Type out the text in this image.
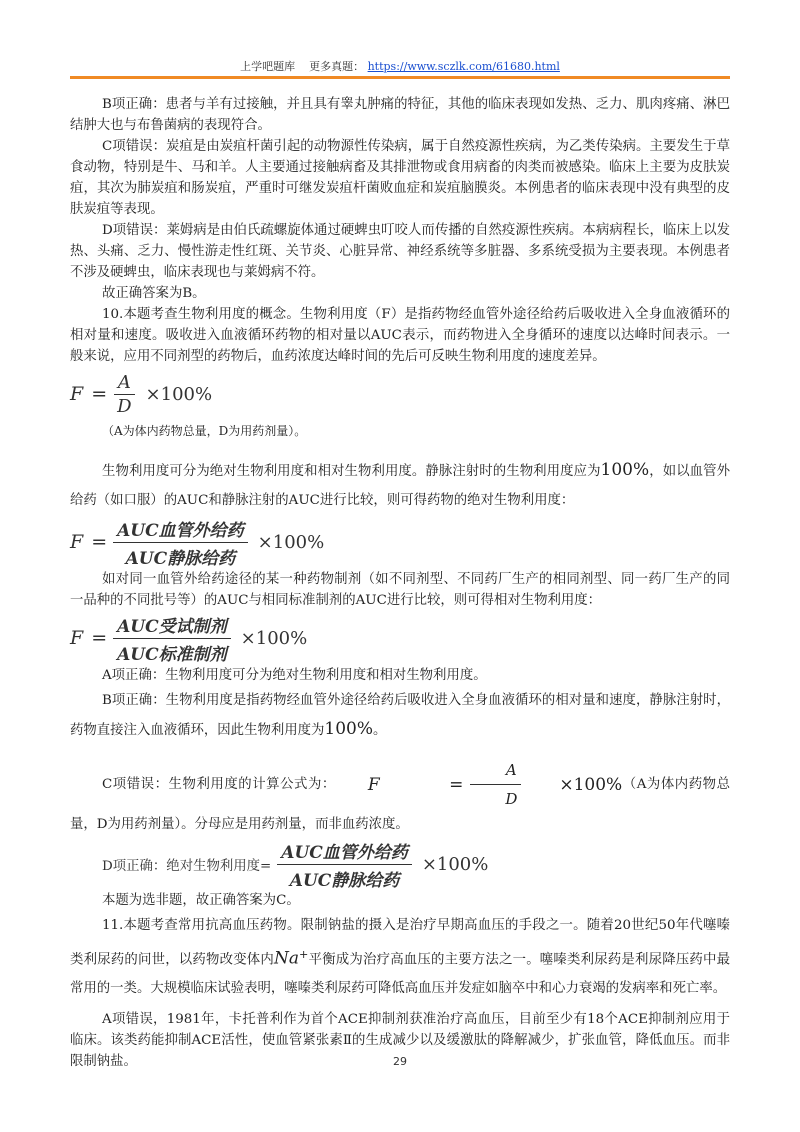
上学吧题库 更多真题： https://www.sczlk.com/61680.html

B项正确：患者与羊有过接触，并且具有睾丸肿痛的特征，其他的临床表现如发热、乏力、肌肉疼痛、淋巴结肿大也与布鲁菌病的表现符合。

C项错误：炭疽是由炭疽杆菌引起的动物源性传染病，属于自然疫源性疾病，为乙类传染病。主要发生于草食动物，特别是牛、马和羊。人主要通过接触病畜及其排泄物或食用病畜的肉类而被感染。临床上主要为皮肤炭疽，其次为肺炭疽和肠炭疽，严重时可继发炭疽杆菌败血症和炭疽脑膜炎。本例患者的临床表现中没有典型的皮肤炭疽等表现。

D项错误：莱姆病是由伯氏疏螺旋体通过硬蜱虫叮咬人而传播的自然疫源性疾病。本病病程长，临床上以发热、头痛、乏力、慢性游走性红斑、关节炎、心脏异常、神经系统等多脏器、多系统受损为主要表现。本例患者不涉及硬蜱虫，临床表现也与莱姆病不符。

故正确答案为B。

10.本题考查生物利用度的概念。生物利用度（F）是指药物经血管外途径给药后吸收进入全身血液循环的相对量和速度。吸收进入血液循环药物的相对量以AUC表示，而药物进入全身循环的速度以达峰时间表示。一般来说，应用不同剂型的药物后，血药浓度达峰时间的先后可反映生物利用度的速度差异。

$F = \frac{A}{D} \times 100\%$

（A为体内药物总量，D为用药剂量）。

生物利用度可分为绝对生物利用度和相对生物利用度。静脉注射时的生物利用度应为100%，如以血管外给药（如口服）的AUC和静脉注射的AUC进行比较，则可得药物的绝对生物利用度：

$F = \frac{\text{AUC血管外给药}}{\text{AUC静脉给药}} \times 100\%$

如对同一血管外给药途径的某一种药物制剂（如不同剂型、不同药厂生产的相同剂型、同一药厂生产的同一品种的不同批号等）的AUC与相同标准制剂的AUC进行比较，则可得相对生物利用度：

$F = \frac{\text{AUC受试制剂}}{\text{AUC标准制剂}} \times 100\%$

A项正确：生物利用度可分为绝对生物利用度和相对生物利用度。

B项正确：生物利用度是指药物经血管外途径给药后吸收进入全身血液循环的相对量和速度，静脉注射时，药物直接注入血液循环，因此生物利用度为100%。

C项错误：生物利用度的计算公式为：	F
	= $\frac{A}{D}$	×100% （A为体内药物总量，D为用药剂量）。分母应是用药剂量，而非血药浓度。

D项正确：绝对生物利用度= $\frac{\text{AUC血管外给药}}{\text{AUC静脉给药}} \times 100\%$

本题为选非题，故正确答案为C。

11.本题考查常用抗高血压药物。限制钠盐的摄入是治疗早期高血压的手段之一。随着20世纪50年代噻嗪类利尿药的问世，以药物改变体内Na+平衡成为治疗高血压的主要方法之一。噻嗪类利尿药是利尿降压药中最常用的一类。大规模临床试验表明，噻嗪类利尿药可降低高血压并发症如脑卒中和心力衰竭的发病率和死亡率。

A项错误，1981年，卡托普利作为首个ACE抑制剂获准治疗高血压，目前至少有18个ACE抑制剂应用于临床。该类药能抑制ACE活性，使血管紧张素Ⅱ的生成减少以及缓激肽的降解减少，扩张血管，降低血压。而非限制钠盐。	29
